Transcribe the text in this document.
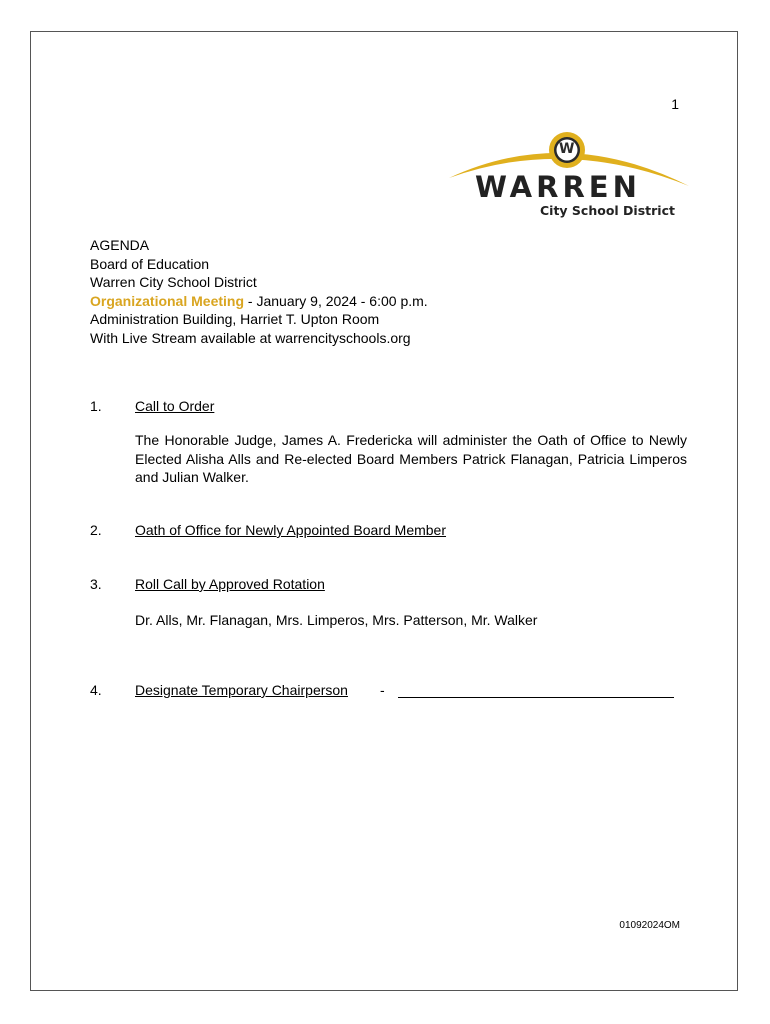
1
W
WARREN
City School District
AGENDA
Board of Education
Warren City School District
Organizational Meeting - January 9, 2024 - 6:00 p.m.
Administration Building, Harriet T. Upton Room
With Live Stream available at warrencityschools.org
1. Call to Order
The Honorable Judge, James A. Fredericka will administer the Oath of Office to Newly Elected Alisha Alls and Re-elected Board Members Patrick Flanagan, Patricia Limperos and Julian Walker.
2. Oath of Office for Newly Appointed Board Member
3. Roll Call by Approved Rotation
Dr. Alls, Mr. Flanagan, Mrs. Limperos, Mrs. Patterson, Mr. Walker
4. Designate Temporary Chairperson -
01092024OM
